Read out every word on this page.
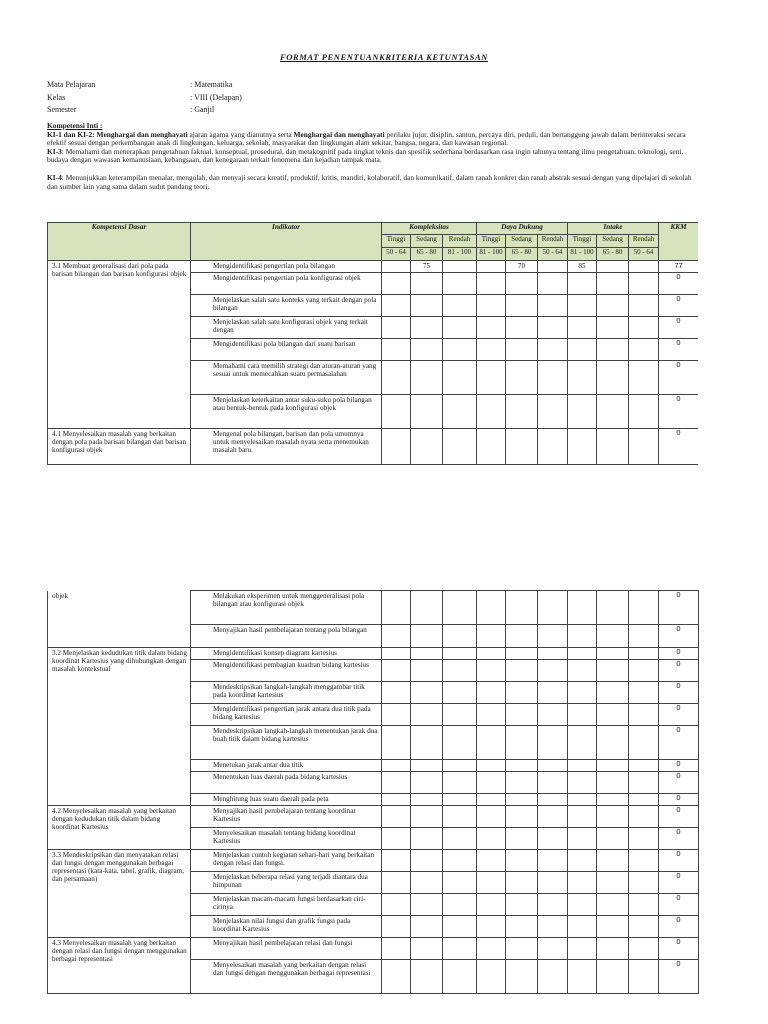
FORMAT PENENTUANKRITERIA KETUNTASAN
Mata Pelajaran	: Matematika
Kelas	: VIII (Delapan)
Semester	: Ganjil
Kompetensi Inti :

KI-1 dan KI-2: Menghargai dan menghayati ajaran agama yang dianutnya serta Menghargai dan menghayati perilaku jujur, disiplin, santun, percaya diri, peduli, dan bertanggung jawab dalam berinteraksi secara efektif sesuai dengan perkembangan anak di lingkungan, keluarga, sekolah, masyarakat dan lingkungan alam sekitar, bangsa, negara, dan kawasan regional.

KI-3: Memahami dan menerapkan pengetahuan faktual, konseptual, prosedural, dan metakognitif pada tingkat teknis dan spesifik sederhana berdasarkan rasa ingin tahunya tentang ilmu pengetahuan, teknologi, seni, budaya dengan wawasan kemanusiaan, kebangsaan, dan kenegaraan terkait fenomena dan kejadian tampak mata.

KI-4: Menunjukkan keterampilan menalar, mengolah, dan menyaji secara kreatif, produktif, kritis, mandiri, kolaboratif, dan komunikatif, dalam ranah konkret dan ranah abstrak sesuai dengan yang dipelajari di sekolah dan sumber lain yang sama dalam sudut pandang teori.

Kompetensi Dasar	Indikator	Kompleksitas			Daya Dukung			Intake			KKM
		Tinggi	Sedang	Rendah	Tinggi	Sedang	Rendah	Tinggi	Sedang	Rendah	
		50 - 64	65 - 80	81 - 100	81 - 100	65 - 80	50 - 64	81 - 100	65 - 80	50 - 64	
3.1 Membuat generalisasi dari pola pada barisan bilangan dan barisan konfigurasi objek	Mengidentifikasi pengertian pola bilangan		75			70		85			77
	Mengidentifikasi pengertian pola konfigurasi objek										0
	Menjelaskan salah satu konteks yang terkait dengan pola bilangan										0
	Menjelaskan salah satu konfigurasi objek yang terkait dengan										0
	Mengidentifikasi pola bilangan dari suatu barisan										0
	Memahami cara memilih strategi dan aturan-aturan yang sesuai untuk memecahkan suatu permasalahan										0
	Menjelaskan keterkaitan antar suku-suku pola bilangan atau bentuk-bentuk pada konfigurasi objek										0
4.1 Menyelesaikan masalah yang berkaitan dengan pola pada barisan bilangan dan barisan konfigurasi objek	Mengenal pola bilangan, barisan dan pola umumnya untuk menyelesaikan masalah nyata serta menemukan masalah baru.										0
objek	Melakukan eksperimen untuk menggeneralisasi pola bilangan atau konfigurasi objek										0
	Menyajikan hasil pembelajaran tentang pola bilangan										0
3.2 Menjelaskan kedudukan titik dalam bidang koordinat Kartesius yang dihubungkan dengan masalah kontekstual	Mengidentifikasi konsep diagram kartesius										0
	Mengidentifikasi pembagian kuadran bidang kartesius										0
	Mendeskripsikan langkah-langkah menggambar titik pada koordinat kartesius										0
	Mengidentifikasi pengertian jarak antara dua titik pada bidang kartesius										0
	Mendeskripsikan langkah-langkah menentukan jarak dua buah titik dalam bidang kartesius										0
	Menetukan jarak antar dua titik										0
	Menentukan luas daerah pada bidang kartesius										0
	Menghitung luas suatu daerah pada peta										0
4.2 Menyelesaikan masalah yang berkaitan dengan kedudukan titik dalam bidang koordinat Kartesius	Menyajikan hasil pembelajaran tentang koordinat Kartesius										0
	Menyelesaikan masalah tentang bidang koordinat Kartesius										0
3.3 Mendeskripsikan dan menyatakan relasi dan fungsi dengan menggunakan berbagai representasi (kata-kata, tabel, grafik, diagram, dan persamaan)	Menjelaskan contoh kegiatan sehari-hari yang berkaitan dengan relasi dan fungsi.										0
	Menjelaskan beberapa relasi yang terjadi diantara dua himpunan										0
	Menjelaskan macam-macam fungsi berdasarkan ciri-cirinya										0
	Menjelaskan nilai fungsi dan grafik fungsi pada koordinat Kartesius										0
4.3 Menyelesaikan masalah yang berkaitan dengan relasi dan fungsi dengan menggunakan berbagai representasi	Menyajikan hasil pembelajaran relasi dan fungsi										0
	Menyelesaikan masalah yang berkaitan dengan relasi dan fungsi dengan menggunakan berbagai representasi										0
